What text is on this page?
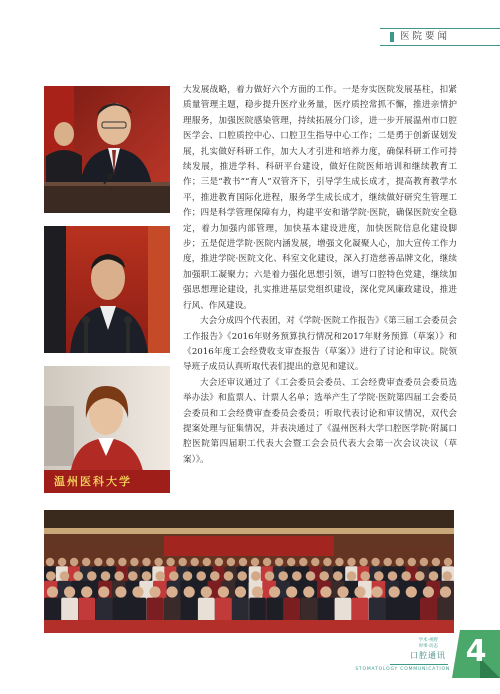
医院要闻
温州医科大学

大发展战略，着力做好六个方面的工作。一是夯实医院发展基柱，扣紧质量管理主题，稳步提升医疗业务量，医疗质控常抓不懈，推进亲情护理服务，加强医院感染管理，持续拓展分门诊，进一步开展温州市口腔医学会、口腔质控中心、口腔卫生指导中心工作；二是勇于创新谋划发展，扎实做好科研工作，加大人才引进和培养力度，确保科研工作可持续发展，推进学科、科研平台建设，做好住院医师培训和继续教育工作；三是“教书”“育人”双管齐下，引导学生成长成才，提高教育教学水平，推进教育国际化进程，服务学生成长成才，继续做好研究生管理工作；四是科学管理保障有力，构建平安和谐学院·医院，确保医院安全稳定，着力加强内部管理，加快基本建设进度，加快医院信息化建设脚步；五是促进学院·医院内涵发展，增强文化凝聚人心，加大宣传工作力度，推进学院·医院文化、科室文化建设，深入打造慈善品牌文化，继续加强职工凝聚力；六是着力强化思想引领，谱写口腔特色党建，继续加强思想理论建设，扎实推进基层党组织建设，深化党风廉政建设，推进行风、作风建设。

大会分成四个代表团，对《学院·医院工作报告》《第三届工会委员会工作报告》《2016年财务预算执行情况和2017年财务预算（草案）》和《2016年度工会经费收支审查报告（草案）》进行了讨论和审议。院领导班子成员认真听取代表们提出的意见和建议。

大会还审议通过了《工会委员会委员、工会经费审查委员会委员选举办法》和监票人、计票人名单；选举产生了学院·医院第四届工会委员会委员和工会经费审查委员会委员；听取代表讨论和审议情况，双代会提案处理与征集情况，并表决通过了《温州医科大学口腔医学院·附属口腔医院第四届职工代表大会暨工会会员代表大会第一次会议决议（草案）》。

学术·视野
时事·动态
口腔通讯
STOMATOLOGY COMMUNICATION
4
